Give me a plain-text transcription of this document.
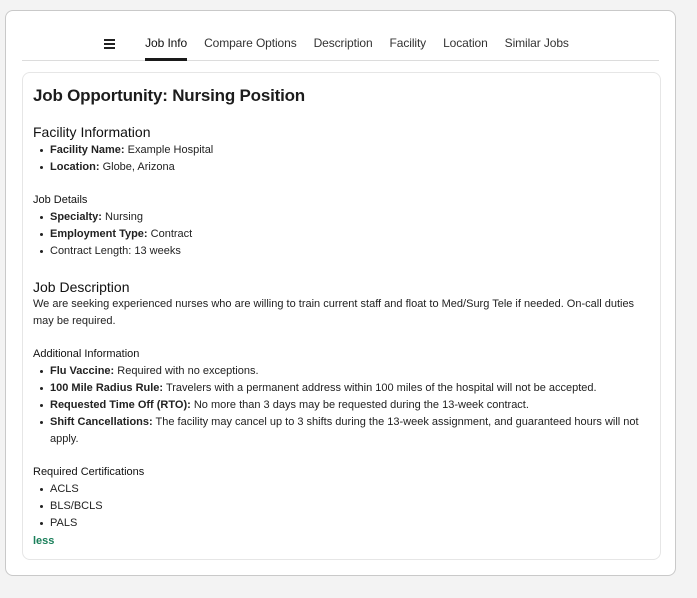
Job Info Compare Options Description Facility Location Similar Jobs
Job Opportunity: Nursing Position
Facility Information
Facility Name: Example Hospital
Location: Globe, Arizona
Job Details
Specialty: Nursing
Employment Type: Contract
Contract Length: 13 weeks
Job Description

We are seeking experienced nurses who are willing to train current staff and float to Med/Surg Tele if needed. On-call duties may be required.

Additional Information
Flu Vaccine: Required with no exceptions.
100 Mile Radius Rule: Travelers with a permanent address within 100 miles of the hospital will not be accepted.
Requested Time Off (RTO): No more than 3 days may be requested during the 13-week contract.
Shift Cancellations: The facility may cancel up to 3 shifts during the 13-week assignment, and guaranteed hours will not apply.
Required Certifications
ACLS
BLS/BCLS
PALS
less
